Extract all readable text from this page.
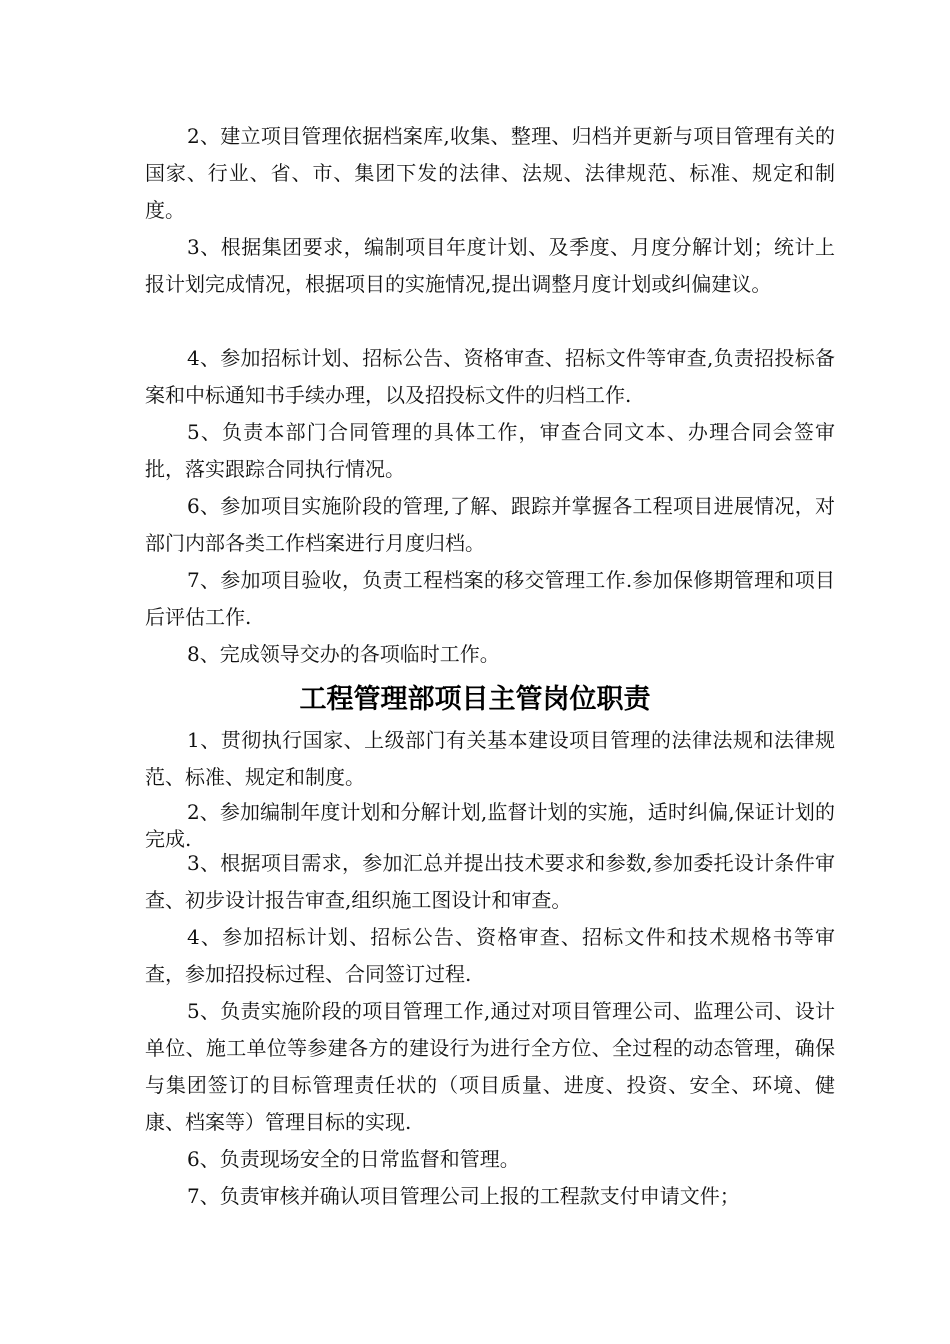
2、建立项目管理依据档案库,收集、整理、归档并更新与项目管理有关的国家、行业、省、市、集团下发的法律、法规、法律规范、标准、规定和制度。

3、根据集团要求，编制项目年度计划、及季度、月度分解计划；统计上报计划完成情况，根据项目的实施情况,提出调整月度计划或纠偏建议。

4、参加招标计划、招标公告、资格审查、招标文件等审查,负责招投标备案和中标通知书手续办理，以及招投标文件的归档工作.

5、负责本部门合同管理的具体工作，审查合同文本、办理合同会签审批，落实跟踪合同执行情况。

6、参加项目实施阶段的管理,了解、跟踪并掌握各工程项目进展情况，对部门内部各类工作档案进行月度归档。

7、参加项目验收，负责工程档案的移交管理工作.参加保修期管理和项目后评估工作.

8、完成领导交办的各项临时工作。

工程管理部项目主管岗位职责

1、贯彻执行国家、上级部门有关基本建设项目管理的法律法规和法律规范、标准、规定和制度。

2、参加编制年度计划和分解计划,监督计划的实施，适时纠偏,保证计划的完成.

3、根据项目需求，参加汇总并提出技术要求和参数,参加委托设计条件审查、初步设计报告审查,组织施工图设计和审查。

4、参加招标计划、招标公告、资格审查、招标文件和技术规格书等审查，参加招投标过程、合同签订过程.

5、负责实施阶段的项目管理工作,通过对项目管理公司、监理公司、设计单位、施工单位等参建各方的建设行为进行全方位、全过程的动态管理，确保与集团签订的目标管理责任状的（项目质量、进度、投资、安全、环境、健康、档案等）管理目标的实现.

6、负责现场安全的日常监督和管理。

7、负责审核并确认项目管理公司上报的工程款支付申请文件；
